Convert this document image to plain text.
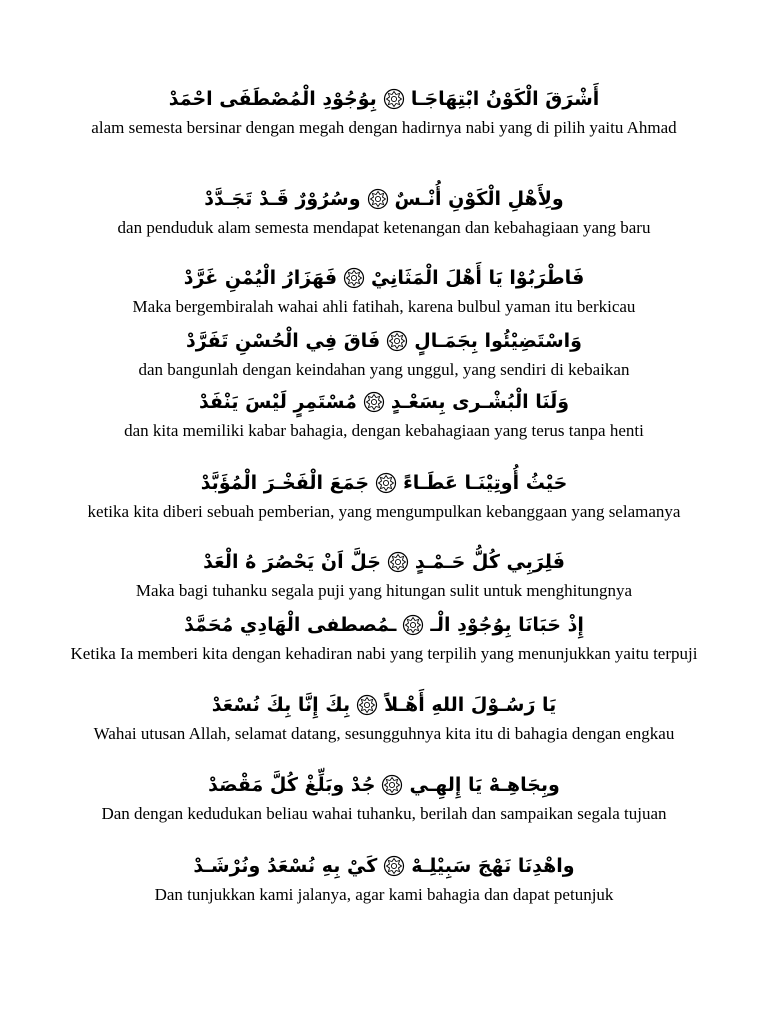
أَشْرَقَ الْكَوْنُ ابْتِهَاجَـا
بِوُجُوْدِ الْمُصْطَفَى احْمَدْ
alam semesta bersinar dengan megah dengan hadirnya nabi yang di pilih yaitu Ahmad
ولِأَهْلِ الْكَوْنِ أُنْـسٌ
وسُرُوْرٌ قَـدْ تَجَـدَّدْ
dan penduduk alam semesta mendapat ketenangan dan kebahagiaan yang baru
فَاطْرَبُوْا يَا أَهْلَ الْمَثَانِيْ
فَهَزَارُ الْيُمْنِ غَرَّدْ
Maka bergembiralah wahai ahli fatihah, karena bulbul yaman itu berkicau
وَاسْتَضِيْئُوا بِجَمَـالٍ
فَاقَ فِي الْحُسْنِ تَفَرَّدْ
dan bangunlah dengan keindahan yang unggul, yang sendiri di kebaikan
وَلَنَا الْبُشْـرى بِسَعْـدٍ
مُسْتَمِرٍ لَيْسَ يَنْفَدْ
dan kita memiliki kabar bahagia, dengan kebahagiaan yang terus tanpa henti
حَيْثُ أُوتِيْنَـا عَطَـاءً
جَمَعَ الْفَخْـرَ الْمُؤَبَّدْ
ketika kita diberi sebuah pemberian, yang mengumpulkan kebanggaan yang selamanya
فَلِرَبِي كُلُّ حَـمْـدٍ
جَلَّ اَنْ يَحْصُرَ هُ الْعَدْ
Maka bagi tuhanku segala puji yang hitungan sulit untuk menghitungnya
إِذْ حَبَانَا بِوُجُوْدِ الْـ
ـمُصطفى الْهَادِي مُحَمَّدْ
Ketika Ia memberi kita dengan kehadiran nabi yang terpilih yang menunjukkan yaitu terpuji
يَا رَسُـوْلَ اللهِ أَهْـلاً
بِكَ إِنَّا بِكَ نُسْعَدْ
Wahai utusan Allah, selamat datang, sesungguhnya kita itu di bahagia dengan engkau
وبِجَاهِـهْ يَا إِلهِـي
جُدْ وبَلِّغْ كُلَّ مَقْصَدْ
Dan dengan kedudukan beliau wahai tuhanku, berilah dan sampaikan segala tujuan
واهْدِنَا نَهْجَ سَبِيْلِـهْ
كَيْ بِهِ نُسْعَدُ ونُرْشَـدْ
Dan tunjukkan kami jalanya, agar kami bahagia dan dapat petunjuk
